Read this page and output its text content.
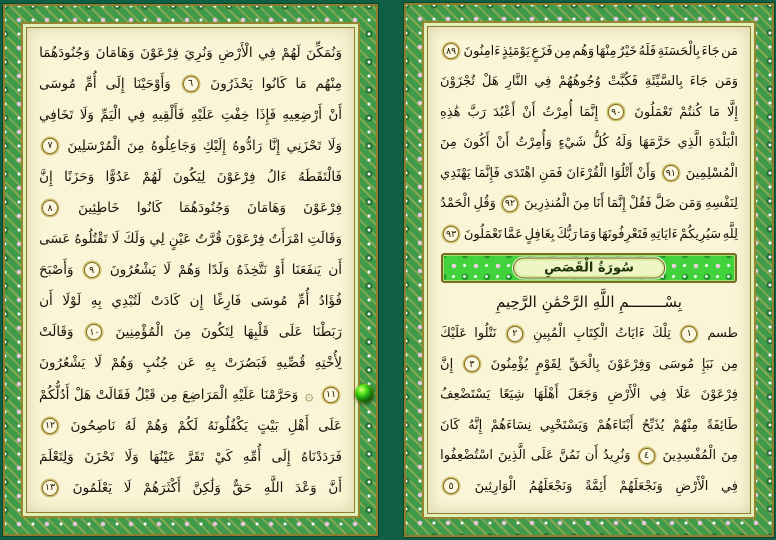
وَنُمَكِّنَ
لَهُمْ
فِي
الْأَرْضِ
وَنُرِيَ
فِرْعَوْنَ
وَهَامَانَ
وَجُنُودَهُمَا
مِنْهُم
مَا
كَانُوا
يَحْذَرُونَ
٦
وَأَوْحَيْنَا
إِلَى
أُمِّ
مُوسَى
أَنْ
أَرْضِعِيهِ
فَإِذَا
خِفْتِ
عَلَيْهِ
فَأَلْقِيهِ
فِي
الْيَمِّ
وَلَا
تَخَافِي
وَلَا
تَحْزَنِي
إِنَّا
رَادُّوهُ
إِلَيْكِ
وَجَاعِلُوهُ
مِنَ
الْمُرْسَلِينَ
٧
فَالْتَقَطَهُ
ءَالُ
فِرْعَوْنَ
لِيَكُونَ
لَهُمْ
عَدُوًّا
وَحَزَنًا
إِنَّ
فِرْعَوْنَ
وَهَامَانَ
وَجُنُودَهُمَا
كَانُوا
خَاطِئِينَ
٨
وَقَالَتِ
امْرَأَتُ
فِرْعَوْنَ
قُرَّتُ
عَيْنٍ
لِي
وَلَكَ
لَا
تَقْتُلُوهُ
عَسَى
أَن
يَنفَعَنَا
أَوْ
نَتَّخِذَهُ
وَلَدًا
وَهُمْ
لَا
يَشْعُرُونَ
٩
وَأَصْبَحَ
فُؤَادُ
أُمِّ
مُوسَى
فَارِغًا
إِن
كَادَتْ
لَتُبْدِي
بِهِ
لَوْلَا
أَن
رَبَطْنَا
عَلَى
قَلْبِهَا
لِتَكُونَ
مِنَ
الْمُؤْمِنِينَ
١٠
وَقَالَتْ
لِأُخْتِهِ
قُصِّيهِ
فَبَصُرَتْ
بِهِ
عَن
جُنُبٍ
وَهُمْ
لَا
يَشْعُرُونَ
١١
۞
وَحَرَّمْنَا
عَلَيْهِ
الْمَرَاضِعَ
مِن
قَبْلُ
فَقَالَتْ
هَلْ
أَدُلُّكُمْ
عَلَى
أَهْلِ
بَيْتٍ
يَكْفُلُونَهُ
لَكُمْ
وَهُمْ
لَهُ
نَاصِحُونَ
١٢
فَرَدَدْنَاهُ
إِلَى
أُمِّهِ
كَيْ
تَقَرَّ
عَيْنُهَا
وَلَا
تَحْزَنَ
وَلِتَعْلَمَ
أَنَّ
وَعْدَ
اللَّهِ
حَقٌّ
وَلَٰكِنَّ
أَكْثَرَهُمْ
لَا
يَعْلَمُونَ
١٣
مَن
جَاءَ
بِالْحَسَنَةِ
فَلَهُ
خَيْرٌ
مِنْهَا
وَهُم
مِن
فَزَعٍ
يَوْمَئِذٍ
ءَامِنُونَ
٨٩
وَمَن
جَاءَ
بِالسَّيِّئَةِ
فَكُبَّتْ
وُجُوهُهُمْ
فِي
النَّارِ
هَلْ
تُجْزَوْنَ
إِلَّا
مَا
كُنتُمْ
تَعْمَلُونَ
٩٠
إِنَّمَا
أُمِرْتُ
أَنْ
أَعْبُدَ
رَبَّ
هَٰذِهِ
الْبَلْدَةِ
الَّذِي
حَرَّمَهَا
وَلَهُ
كُلُّ
شَيْءٍ
وَأُمِرْتُ
أَنْ
أَكُونَ
مِنَ
الْمُسْلِمِينَ
٩١
وَأَنْ
أَتْلُوَا
الْقُرْءَانَ
فَمَنِ
اهْتَدَى
فَإِنَّمَا
يَهْتَدِي
لِنَفْسِهِ
وَمَن
ضَلَّ
فَقُلْ
إِنَّمَا
أَنَا
مِنَ
الْمُنذِرِينَ
٩٢
وَقُلِ
الْحَمْدُ
لِلَّهِ
سَيُرِيكُمْ
ءَايَاتِهِ
فَتَعْرِفُونَهَا
وَمَا
رَبُّكَ
بِغَافِلٍ
عَمَّا
تَعْمَلُونَ
٩٣
سُورَةُ الْقَصَصِ
بِسْــــــــمِ اللَّهِ الرَّحْمَٰنِ الرَّحِيمِ
طسم
١
تِلْكَ
ءَايَاتُ
الْكِتَابِ
الْمُبِينِ
٢
نَتْلُوا
عَلَيْكَ
مِن
نَبَإِ
مُوسَى
وَفِرْعَوْنَ
بِالْحَقِّ
لِقَوْمٍ
يُؤْمِنُونَ
٣
إِنَّ
فِرْعَوْنَ
عَلَا
فِي
الْأَرْضِ
وَجَعَلَ
أَهْلَهَا
شِيَعًا
يَسْتَضْعِفُ
طَائِفَةً
مِنْهُمْ
يُذَبِّحُ
أَبْنَاءَهُمْ
وَيَسْتَحْيِي
نِسَاءَهُمْ
إِنَّهُ
كَانَ
مِنَ
الْمُفْسِدِينَ
٤
وَنُرِيدُ
أَن
نَمُنَّ
عَلَى
الَّذِينَ
اسْتُضْعِفُوا
فِي
الْأَرْضِ
وَنَجْعَلَهُمْ
أَئِمَّةً
وَنَجْعَلَهُمُ
الْوَارِثِينَ
٥
